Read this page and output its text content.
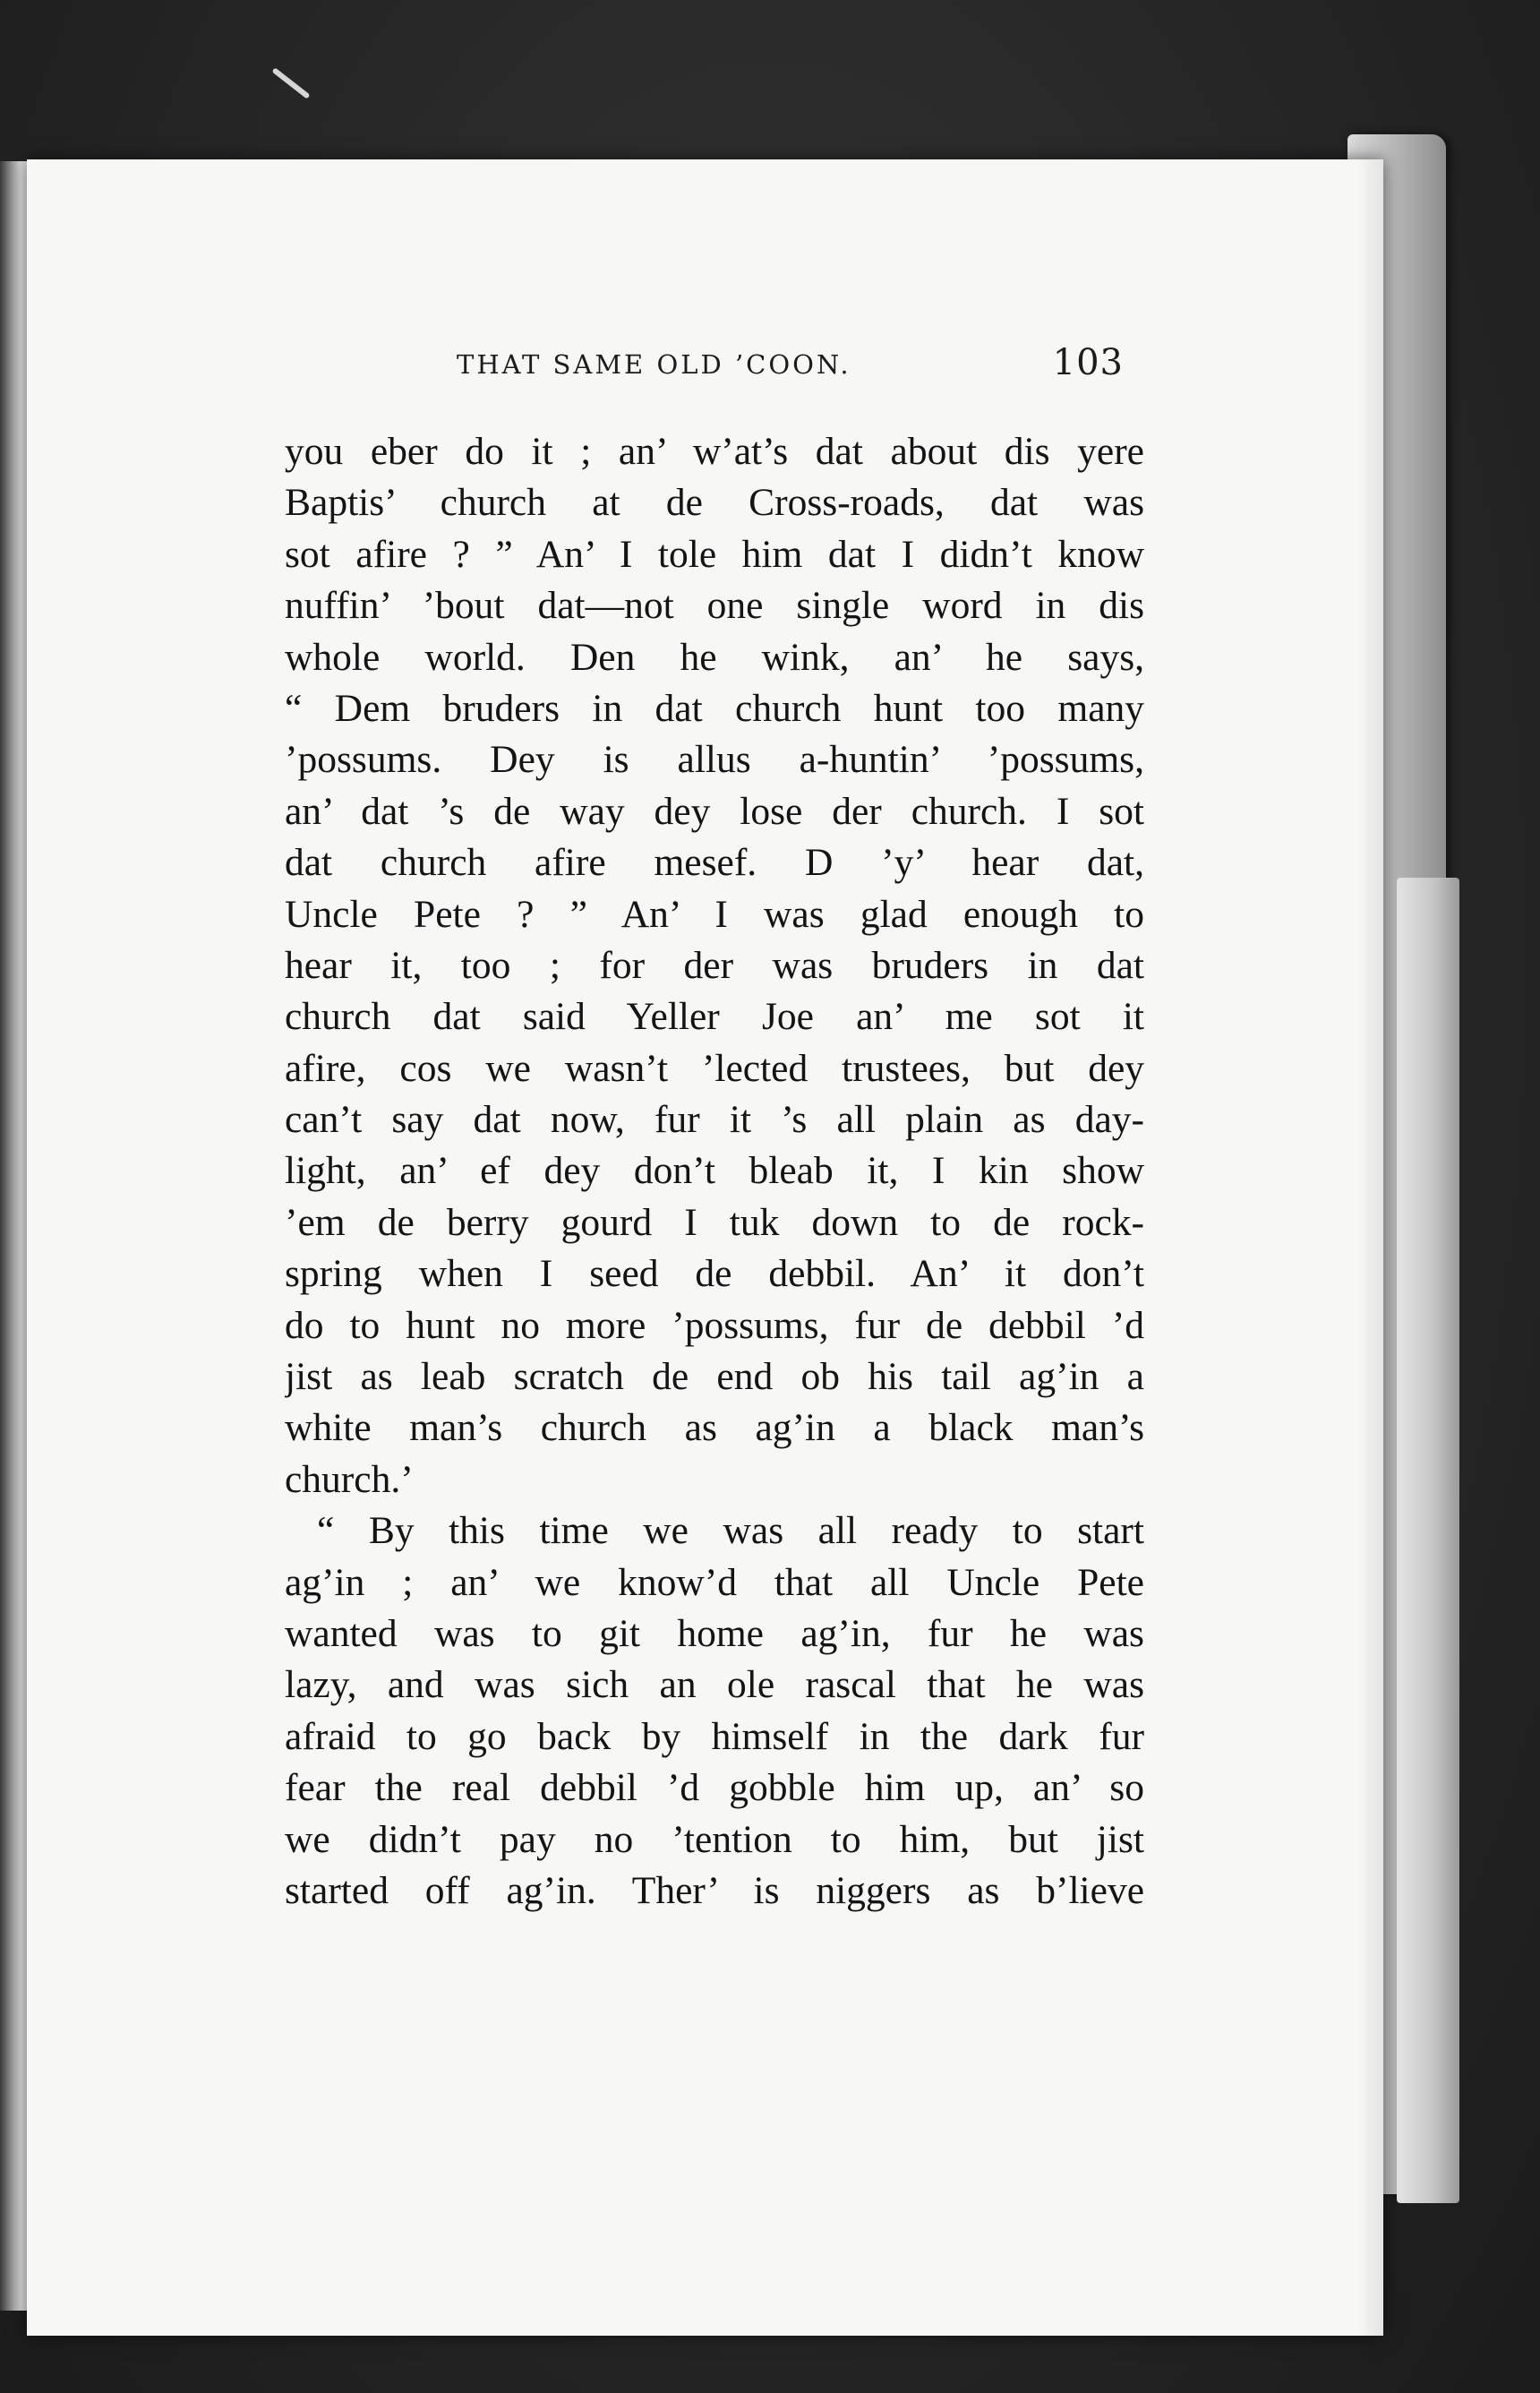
THAT SAME OLD ’COON.	103
you eber do it ; an’ w’at’s dat about dis yere
Baptis’ church at de Cross-roads, dat was
sot afire ? ” An’ I tole him dat I didn’t know
nuffin’ ’bout dat—not one single word in dis
whole world. Den he wink, an’ he says,
“ Dem bruders in dat church hunt too many
’possums. Dey is allus a-huntin’ ’possums,
an’ dat ’s de way dey lose der church. I sot
dat church afire mesef. D ’y’ hear dat,
Uncle Pete ? ” An’ I was glad enough to
hear it, too ; for der was bruders in dat
church dat said Yeller Joe an’ me sot it
afire, cos we wasn’t ’lected trustees, but dey
can’t say dat now, fur it ’s all plain as day-
light, an’ ef dey don’t bleab it, I kin show
’em de berry gourd I tuk down to de rock-
spring when I seed de debbil. An’ it don’t
do to hunt no more ’possums, fur de debbil ’d
jist as leab scratch de end ob his tail ag’in a
white man’s church as ag’in a black man’s
church.’
“ By this time we was all ready to start
ag’in ; an’ we know’d that all Uncle Pete
wanted was to git home ag’in, fur he was
lazy, and was sich an ole rascal that he was
afraid to go back by himself in the dark fur
fear the real debbil ’d gobble him up, an’ so
we didn’t pay no ’tention to him, but jist
started off ag’in. Ther’ is niggers as b’lieve
